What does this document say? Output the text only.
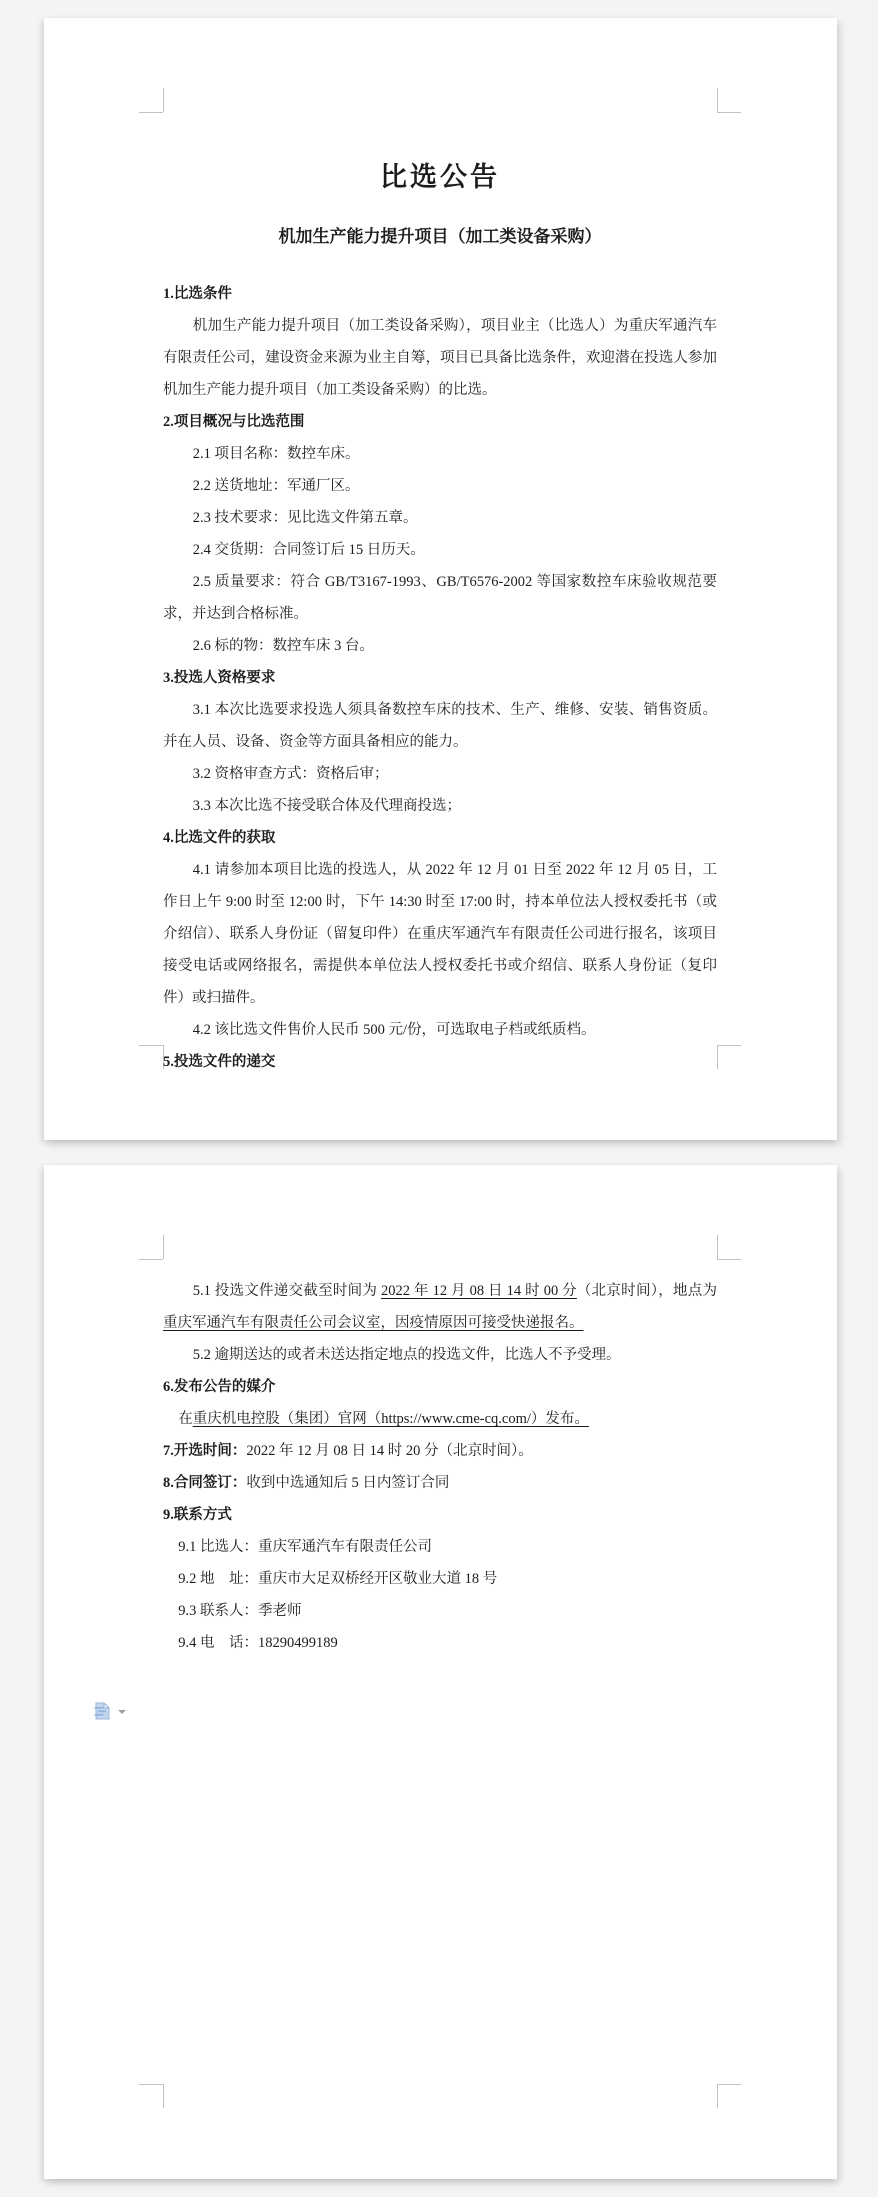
比选公告
机加生产能力提升项目（加工类设备采购）

1.比选条件

机加生产能力提升项目（加工类设备采购），项目业主（比选人）为重庆军通汽车有限责任公司，建设资金来源为业主自筹，项目已具备比选条件，欢迎潜在投选人参加机加生产能力提升项目（加工类设备采购）的比选。

2.项目概况与比选范围

2.1 项目名称：数控车床。

2.2 送货地址：军通厂区。

2.3 技术要求：见比选文件第五章。

2.4 交货期：合同签订后 15 日历天。

2.5 质量要求：符合 GB/T3167-1993、GB/T6576-2002 等国家数控车床验收规范要求，并达到合格标准。

2.6 标的物：数控车床 3 台。

3.投选人资格要求

3.1 本次比选要求投选人须具备数控车床的技术、生产、维修、安装、销售资质。并在人员、设备、资金等方面具备相应的能力。

3.2 资格审查方式：资格后审；

3.3 本次比选不接受联合体及代理商投选；

4.比选文件的获取

4.1 请参加本项目比选的投选人，从 2022 年 12 月 01 日至 2022 年 12 月 05 日，工作日上午 9:00 时至 12:00 时，下午 14:30 时至 17:00 时，持本单位法人授权委托书（或介绍信）、联系人身份证（留复印件）在重庆军通汽车有限责任公司进行报名，该项目接受电话或网络报名，需提供本单位法人授权委托书或介绍信、联系人身份证（复印件）或扫描件。

4.2 该比选文件售价人民币 500 元/份，可选取电子档或纸质档。

5.投选文件的递交

5.1 投选文件递交截至时间为 2022 年 12 月 08 日 14 时 00 分（北京时间），地点为重庆军通汽车有限责任公司会议室，因疫情原因可接受快递报名。

5.2 逾期送达的或者未送达指定地点的投选文件，比选人不予受理。

6.发布公告的媒介

在重庆机电控股（集团）官网（https://www.cme-cq.com/）发布。

7.开选时间：2022 年 12 月 08 日 14 时 20 分（北京时间）。

8.合同签订：收到中选通知后 5 日内签订合同

9.联系方式

9.1 比选人：重庆军通汽车有限责任公司

9.2 地　址：重庆市大足双桥经开区敬业大道 18 号

9.3 联系人：季老师

9.4 电　话：18290499189
